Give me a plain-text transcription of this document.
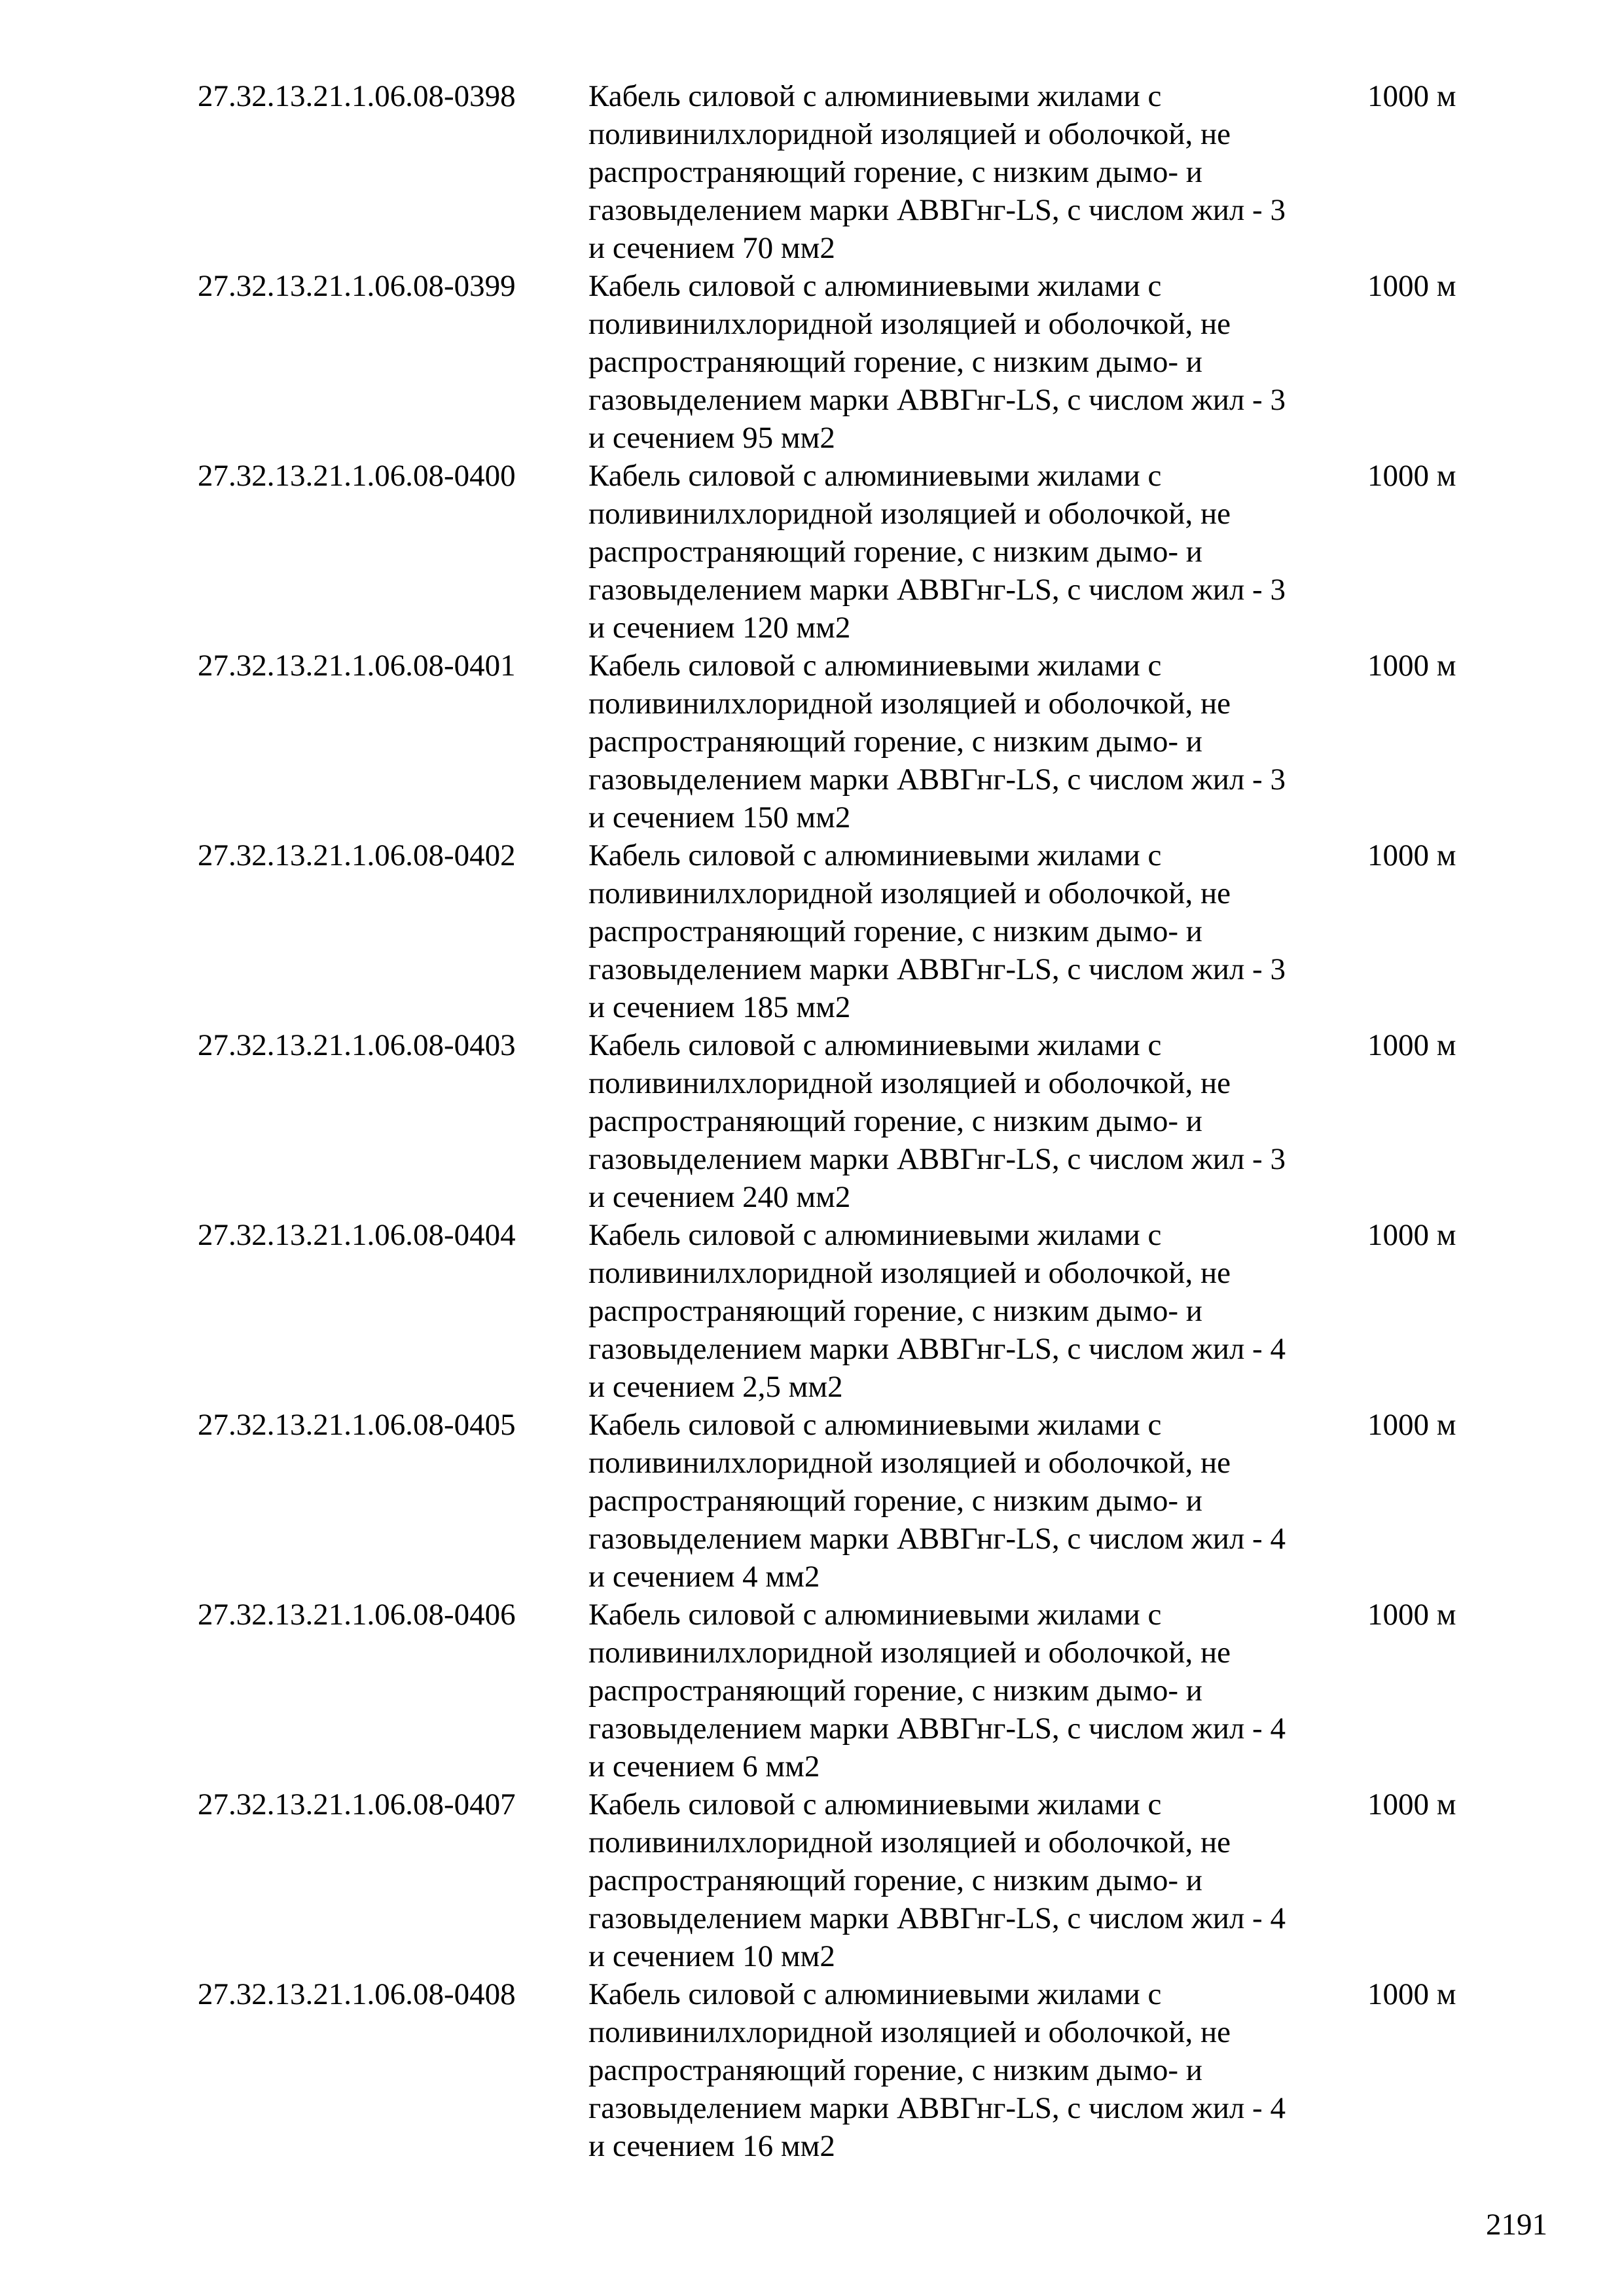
27.32.13.21.1.06.08-0398	Кабель силовой с алюминиевыми жилами с
поливинилхлоридной изоляцией и оболочкой, не
распространяющий горение, с низким дымо- и
газовыделением марки АВВГнг-LS, с числом жил - 3
и сечением 70 мм2
1000 м
27.32.13.21.1.06.08-0399	Кабель силовой с алюминиевыми жилами с
поливинилхлоридной изоляцией и оболочкой, не
распространяющий горение, с низким дымо- и
газовыделением марки АВВГнг-LS, с числом жил - 3
и сечением 95 мм2
1000 м
27.32.13.21.1.06.08-0400	Кабель силовой с алюминиевыми жилами с
поливинилхлоридной изоляцией и оболочкой, не
распространяющий горение, с низким дымо- и
газовыделением марки АВВГнг-LS, с числом жил - 3
и сечением 120 мм2
1000 м
27.32.13.21.1.06.08-0401	Кабель силовой с алюминиевыми жилами с
поливинилхлоридной изоляцией и оболочкой, не
распространяющий горение, с низким дымо- и
газовыделением марки АВВГнг-LS, с числом жил - 3
и сечением 150 мм2
1000 м
27.32.13.21.1.06.08-0402	Кабель силовой с алюминиевыми жилами с
поливинилхлоридной изоляцией и оболочкой, не
распространяющий горение, с низким дымо- и
газовыделением марки АВВГнг-LS, с числом жил - 3
и сечением 185 мм2
1000 м
27.32.13.21.1.06.08-0403	Кабель силовой с алюминиевыми жилами с
поливинилхлоридной изоляцией и оболочкой, не
распространяющий горение, с низким дымо- и
газовыделением марки АВВГнг-LS, с числом жил - 3
и сечением 240 мм2
1000 м
27.32.13.21.1.06.08-0404	Кабель силовой с алюминиевыми жилами с
поливинилхлоридной изоляцией и оболочкой, не
распространяющий горение, с низким дымо- и
газовыделением марки АВВГнг-LS, с числом жил - 4
и сечением 2,5 мм2
1000 м
27.32.13.21.1.06.08-0405	Кабель силовой с алюминиевыми жилами с
поливинилхлоридной изоляцией и оболочкой, не
распространяющий горение, с низким дымо- и
газовыделением марки АВВГнг-LS, с числом жил - 4
и сечением 4 мм2
1000 м
27.32.13.21.1.06.08-0406	Кабель силовой с алюминиевыми жилами с
поливинилхлоридной изоляцией и оболочкой, не
распространяющий горение, с низким дымо- и
газовыделением марки АВВГнг-LS, с числом жил - 4
и сечением 6 мм2
1000 м
27.32.13.21.1.06.08-0407	Кабель силовой с алюминиевыми жилами с
поливинилхлоридной изоляцией и оболочкой, не
распространяющий горение, с низким дымо- и
газовыделением марки АВВГнг-LS, с числом жил - 4
и сечением 10 мм2
1000 м
27.32.13.21.1.06.08-0408	Кабель силовой с алюминиевыми жилами с
поливинилхлоридной изоляцией и оболочкой, не
распространяющий горение, с низким дымо- и
газовыделением марки АВВГнг-LS, с числом жил - 4
и сечением 16 мм2
1000 м
2191
